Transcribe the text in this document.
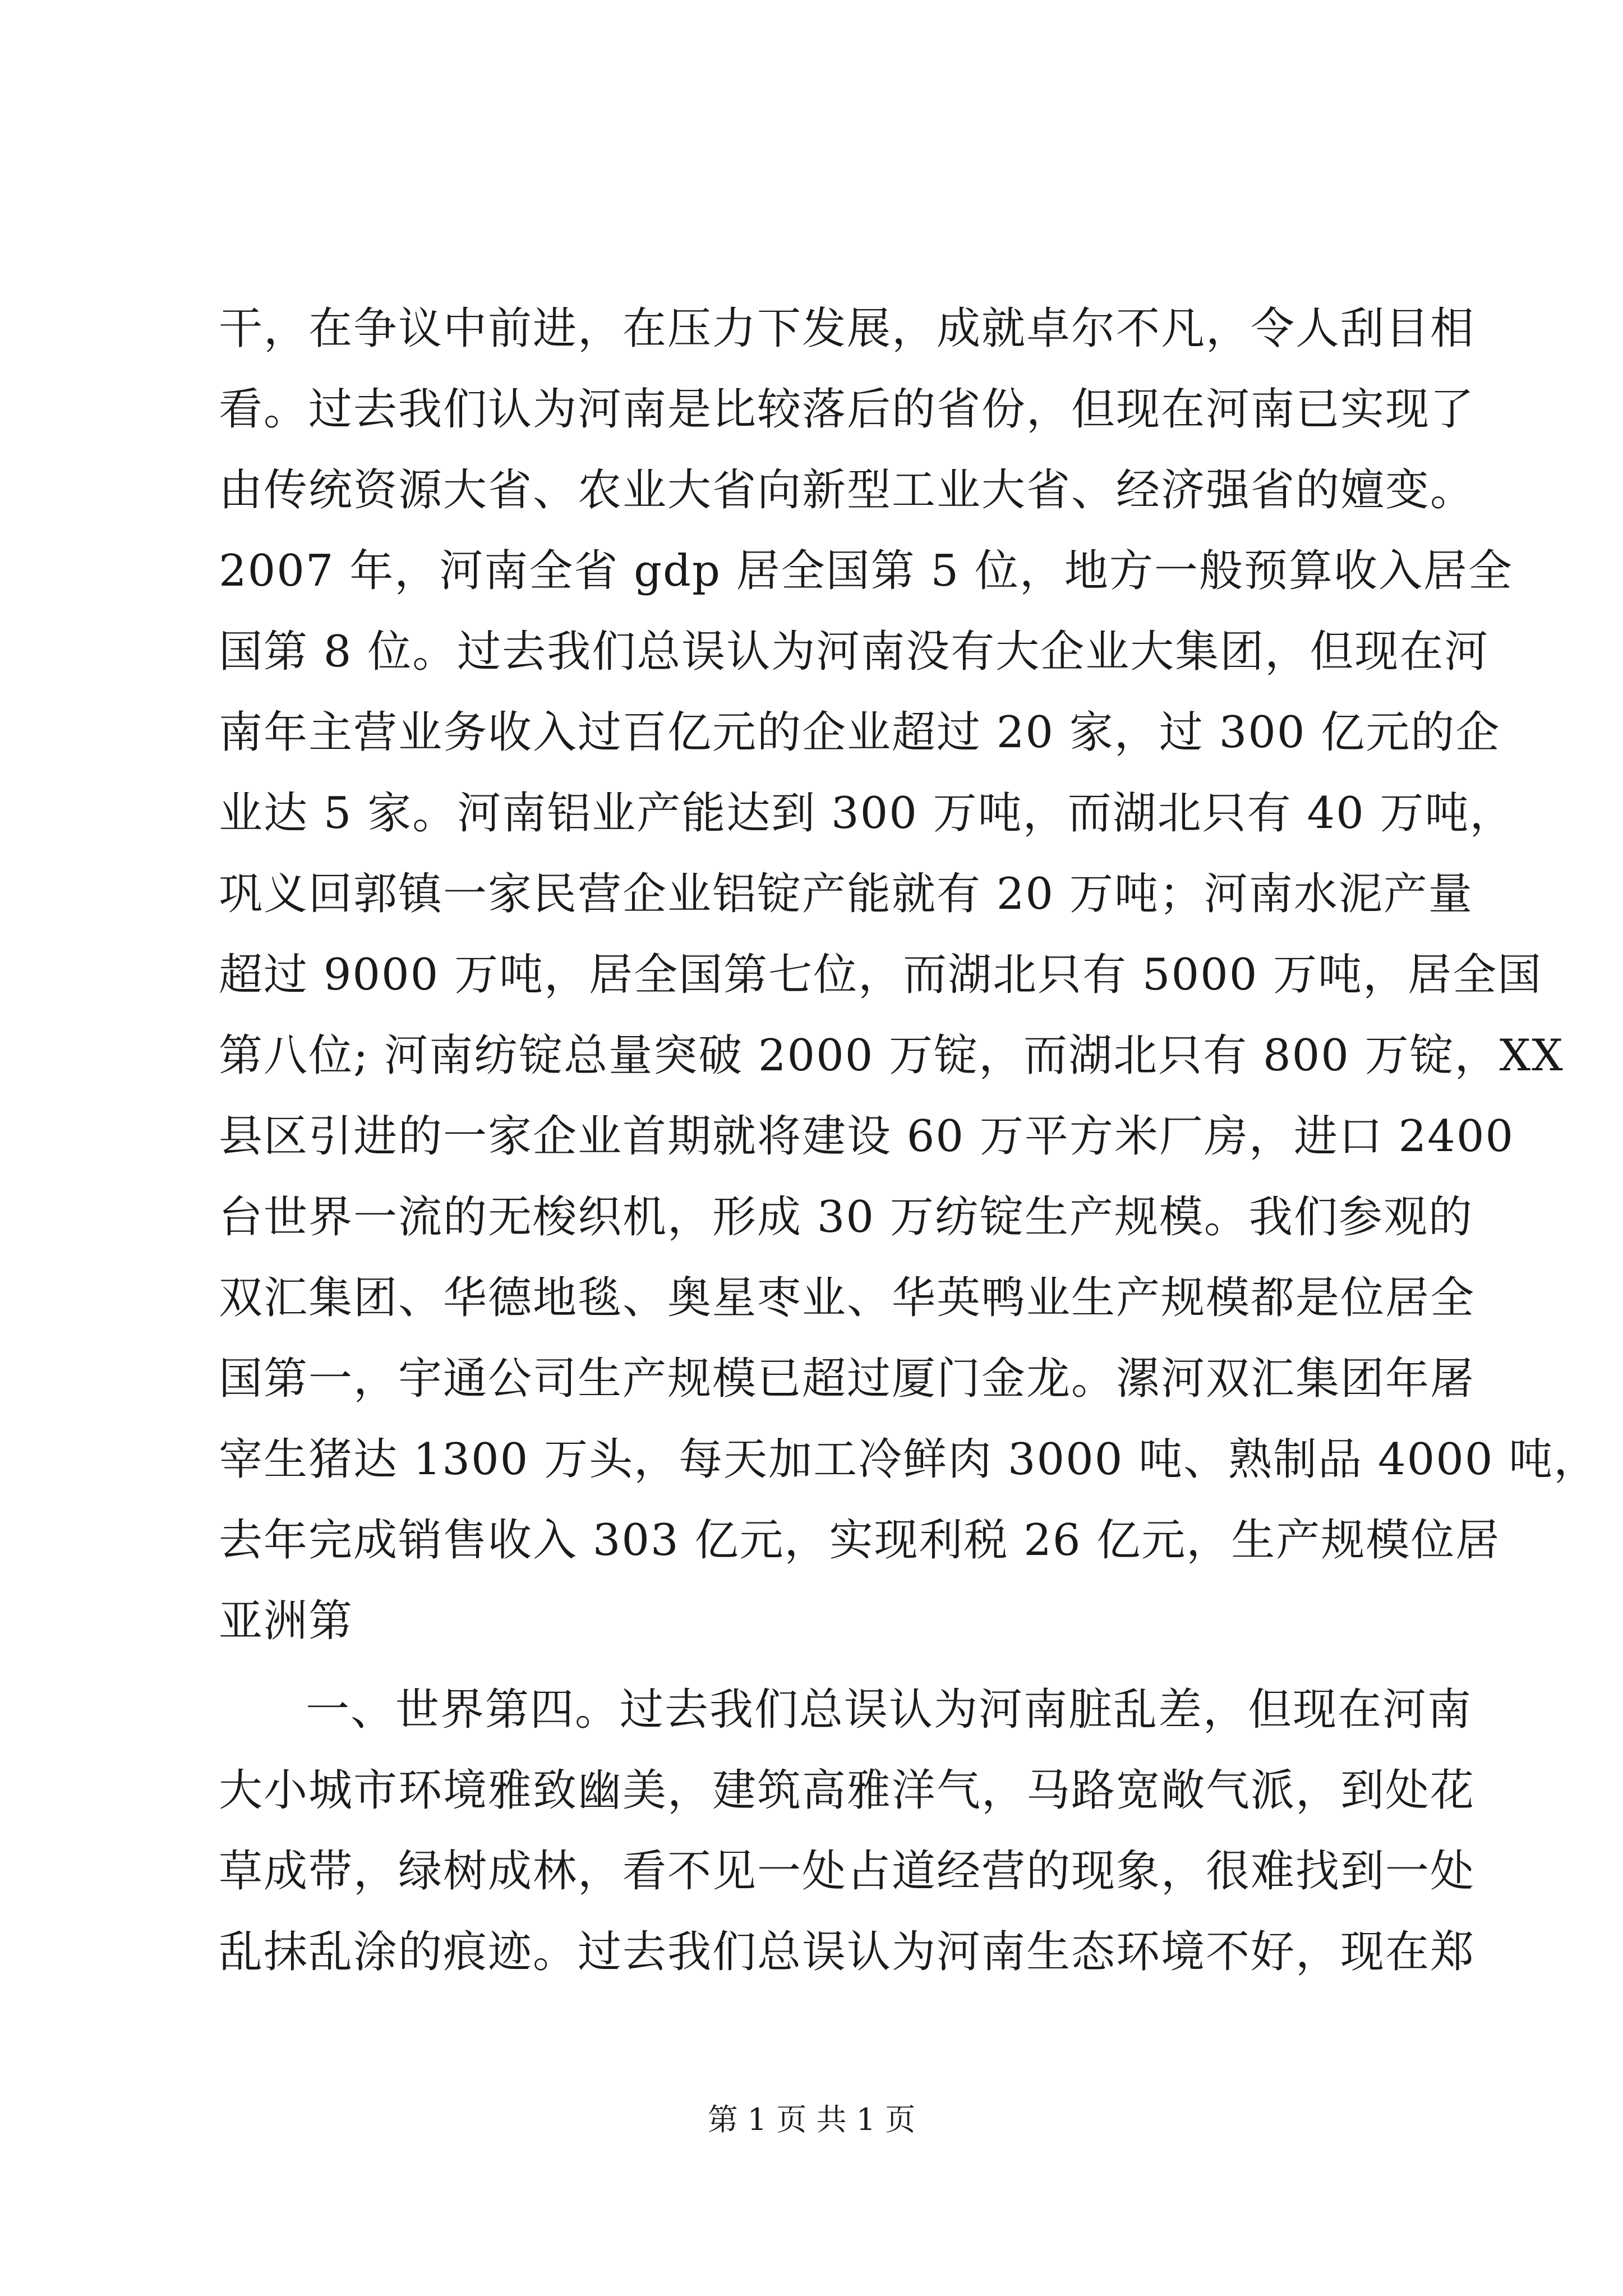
干，在争议中前进，在压力下发展，成就卓尔不凡，令人刮目相
看。过去我们认为河南是比较落后的省份，但现在河南已实现了
由传统资源大省、农业大省向新型工业大省、经济强省的嬗变。
2007 年，河南全省 gdp 居全国第 5 位，地方一般预算收入居全
国第 8 位。过去我们总误认为河南没有大企业大集团，但现在河
南年主营业务收入过百亿元的企业超过 20 家，过 300 亿元的企
业达 5 家。河南铝业产能达到 300 万吨，而湖北只有 40 万吨，
巩义回郭镇一家民营企业铝锭产能就有 20 万吨；河南水泥产量
超过 9000 万吨，居全国第七位，而湖北只有 5000 万吨，居全国
第八位; 河南纺锭总量突破 2000 万锭，而湖北只有 800 万锭，XX
县区引进的一家企业首期就将建设 60 万平方米厂房，进口 2400
台世界一流的无梭织机，形成 30 万纺锭生产规模。我们参观的
双汇集团、华德地毯、奥星枣业、华英鸭业生产规模都是位居全
国第一，宇通公司生产规模已超过厦门金龙。漯河双汇集团年屠
宰生猪达 1300 万头，每天加工冷鲜肉 3000 吨、熟制品 4000 吨，
去年完成销售收入 303 亿元，实现利税 26 亿元，生产规模位居
亚洲第
一、世界第四。过去我们总误认为河南脏乱差，但现在河南
大小城市环境雅致幽美，建筑高雅洋气，马路宽敞气派，到处花
草成带，绿树成林，看不见一处占道经营的现象，很难找到一处
乱抹乱涂的痕迹。过去我们总误认为河南生态环境不好，现在郑
第 1 页 共 1 页
